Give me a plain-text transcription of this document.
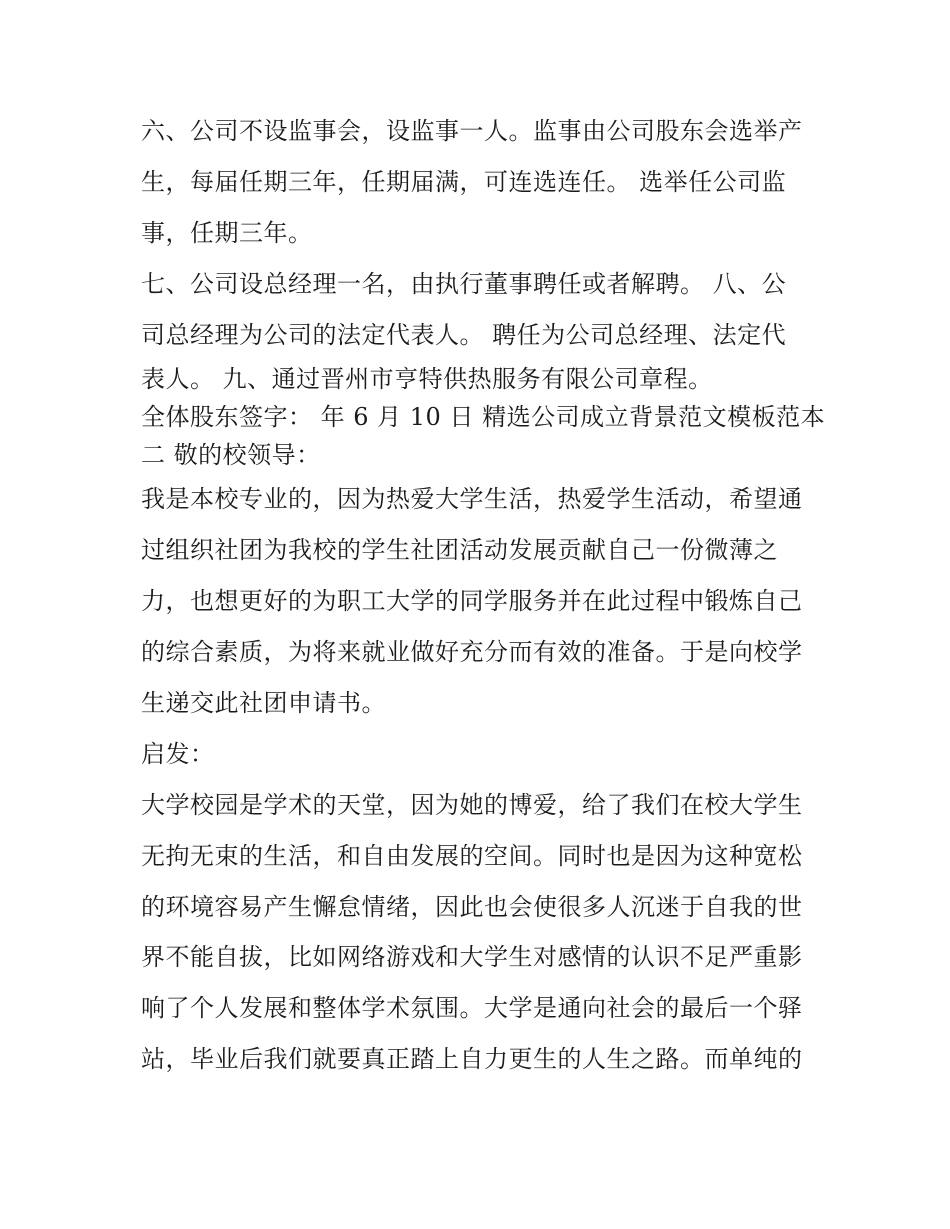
六、公司不设监事会，设监事一人。监事由公司股东会选举产
生，每届任期三年，任期届满，可连选连任。 选举任公司监
事，任期三年。
七、公司设总经理一名，由执行董事聘任或者解聘。 八、公
司总经理为公司的法定代表人。 聘任为公司总经理、法定代
表人。 九、通过晋州市亨特供热服务有限公司章程。
全体股东签字： 年 6 月 10 日 精选公司成立背景范文模板范本
二 敬的校领导：
我是本校专业的，因为热爱大学生活，热爱学生活动，希望通
过组织社团为我校的学生社团活动发展贡献自己一份微薄之
力，也想更好的为职工大学的同学服务并在此过程中锻炼自己
的综合素质，为将来就业做好充分而有效的准备。于是向校学
生递交此社团申请书。
启发：
大学校园是学术的天堂，因为她的博爱，给了我们在校大学生
无拘无束的生活，和自由发展的空间。同时也是因为这种宽松
的环境容易产生懈怠情绪，因此也会使很多人沉迷于自我的世
界不能自拔，比如网络游戏和大学生对感情的认识不足严重影
响了个人发展和整体学术氛围。大学是通向社会的最后一个驿
站，毕业后我们就要真正踏上自力更生的人生之路。而单纯的
